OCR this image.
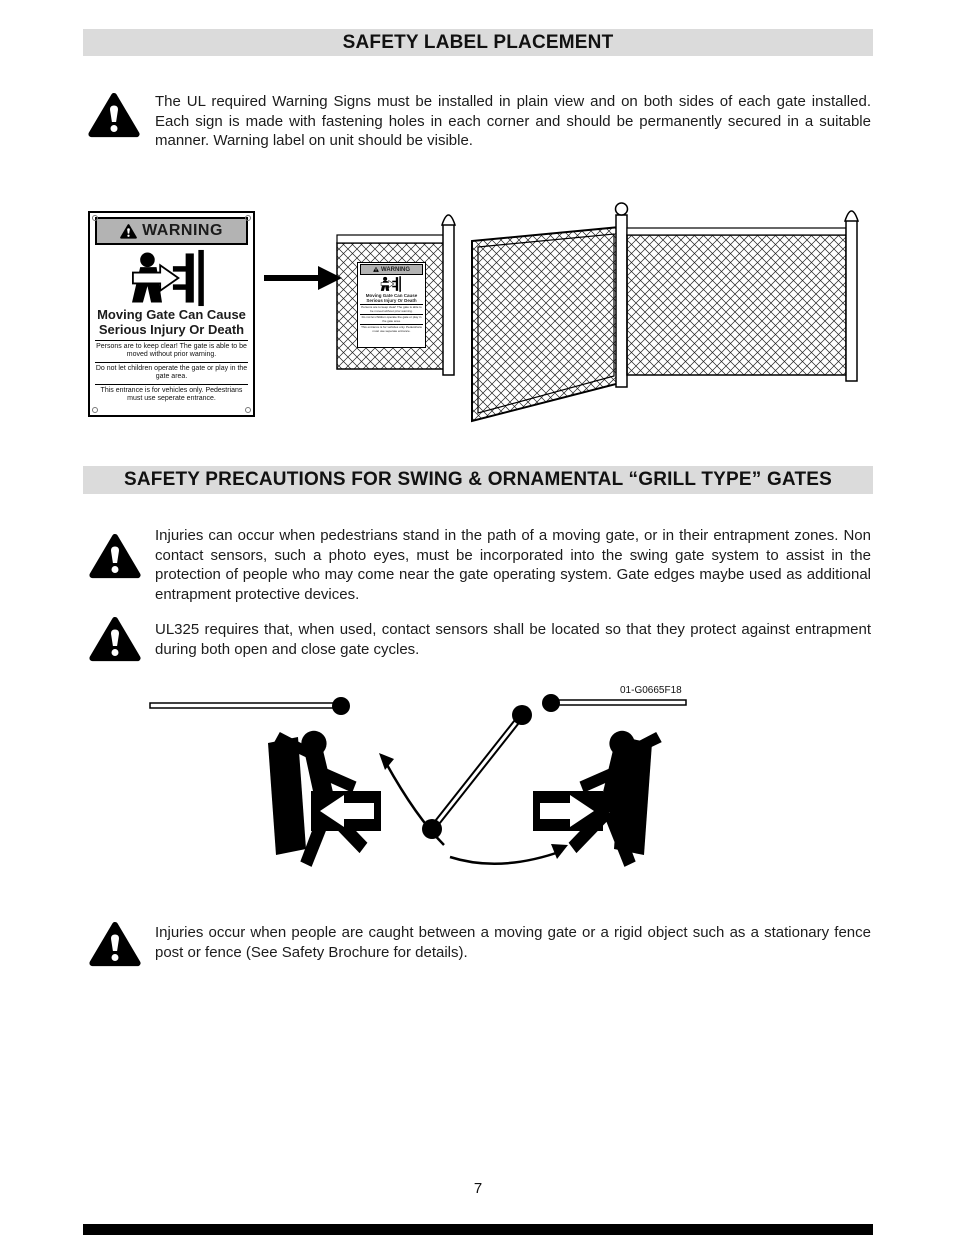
SAFETY LABEL PLACEMENT

The UL required Warning Signs must be installed in plain view and on both sides of each gate installed. Each sign is made with fastening holes in each corner and should be permanently secured in a suitable manner. Warning label on unit should be visible.

WARNING
Moving Gate Can Cause
Serious Injury Or Death
Persons are to keep clear! The gate is able to be moved without prior warning.
Do not let children operate the gate or play in the gate area.
This entrance is for vehicles only. Pedestrians must use seperate entrance.
WARNING
Moving Gate Can Cause
Serious Injury Or Death
Persons are to keep clear! The gate is able to be moved without prior warning.
Do not let children operate the gate or play in the gate area.
This entrance is for vehicles only. Pedestrians must use seperate entrance.
SAFETY PRECAUTIONS FOR SWING & ORNAMENTAL “GRILL TYPE” GATES

Injuries can occur when pedestrians stand in the path of a moving gate, or in their entrapment zones. Non contact sensors, such a photo eyes, must be incorporated into the swing gate system to assist in the protection of people who may come near the gate operating system. Gate edges maybe used as additional entrapment protective devices.

UL325 requires that, when used, contact sensors shall be located so that they protect against entrapment during both open and close gate cycles.

01-G0665F18

Injuries occur when people are caught between a moving gate or a rigid object such as a stationary fence post or fence (See Safety Brochure for details).

7
